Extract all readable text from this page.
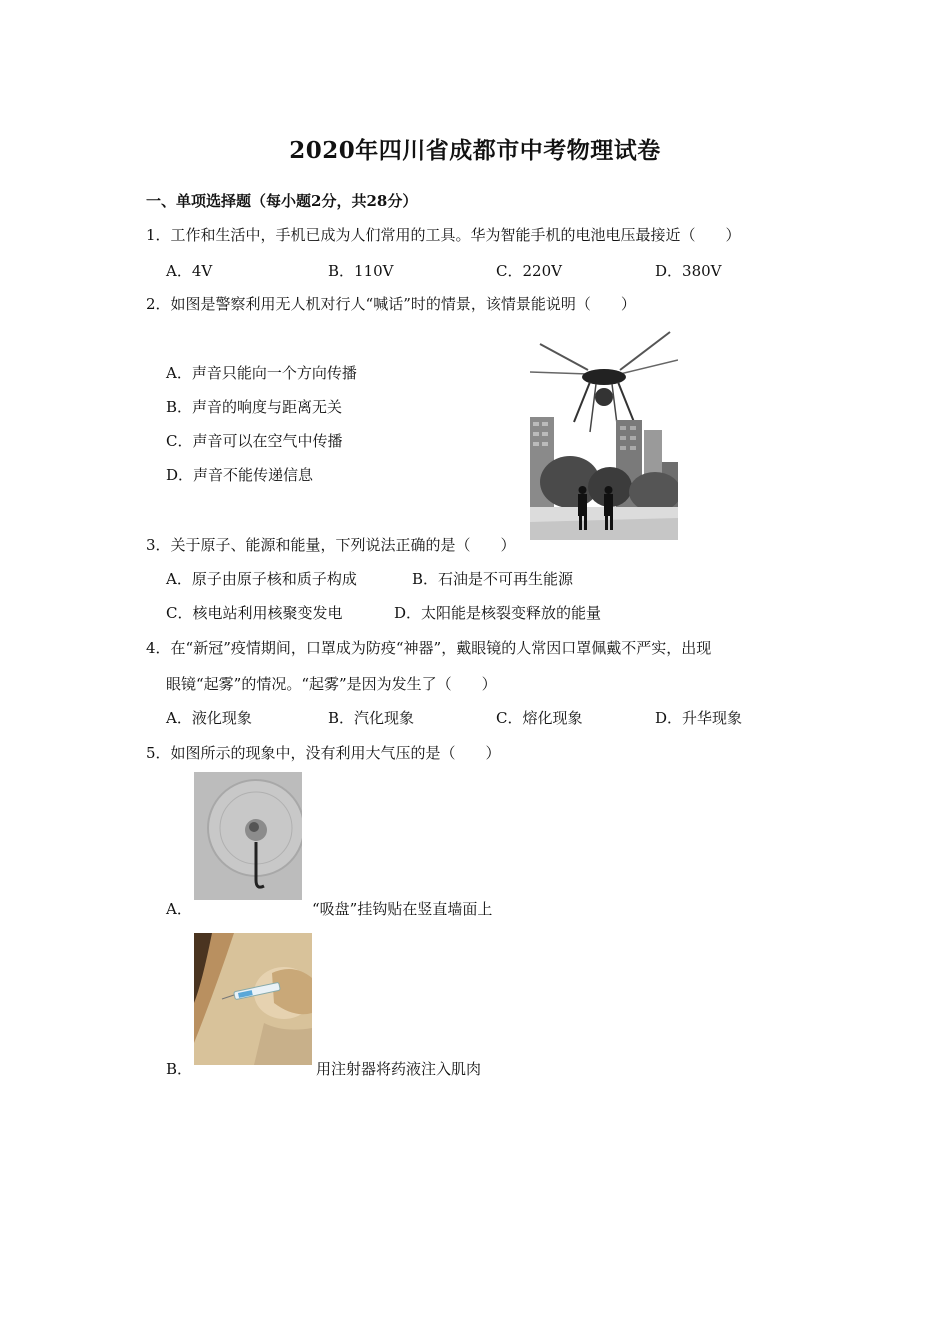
2020年四川省成都市中考物理试卷
一、单项选择题（每小题2分，共28分）
1．工作和生活中，手机已成为人们常用的工具。华为智能手机的电池电压最接近（　　）
A．4V	B．110V	C．220V	D．380V
2．如图是警察利用无人机对行人“喊话”时的情景，该情景能说明（　　）
A．声音只能向一个方向传播
B．声音的响度与距离无关
C．声音可以在空气中传播
D．声音不能传递信息
3．关于原子、能源和能量，下列说法正确的是（　　）
A．原子由原子核和质子构成	B．石油是不可再生能源
C．核电站利用核聚变发电	D．太阳能是核裂变释放的能量
4．在“新冠”疫情期间，口罩成为防疫“神器”，戴眼镜的人常因口罩佩戴不严实，出现
眼镜“起雾”的情况。“起雾”是因为发生了（　　）
A．液化现象	B．汽化现象	C．熔化现象	D．升华现象
5．如图所示的现象中，没有利用大气压的是（　　）
A．	“吸盘”挂钩贴在竖直墙面上
B．	用注射器将药液注入肌肉
